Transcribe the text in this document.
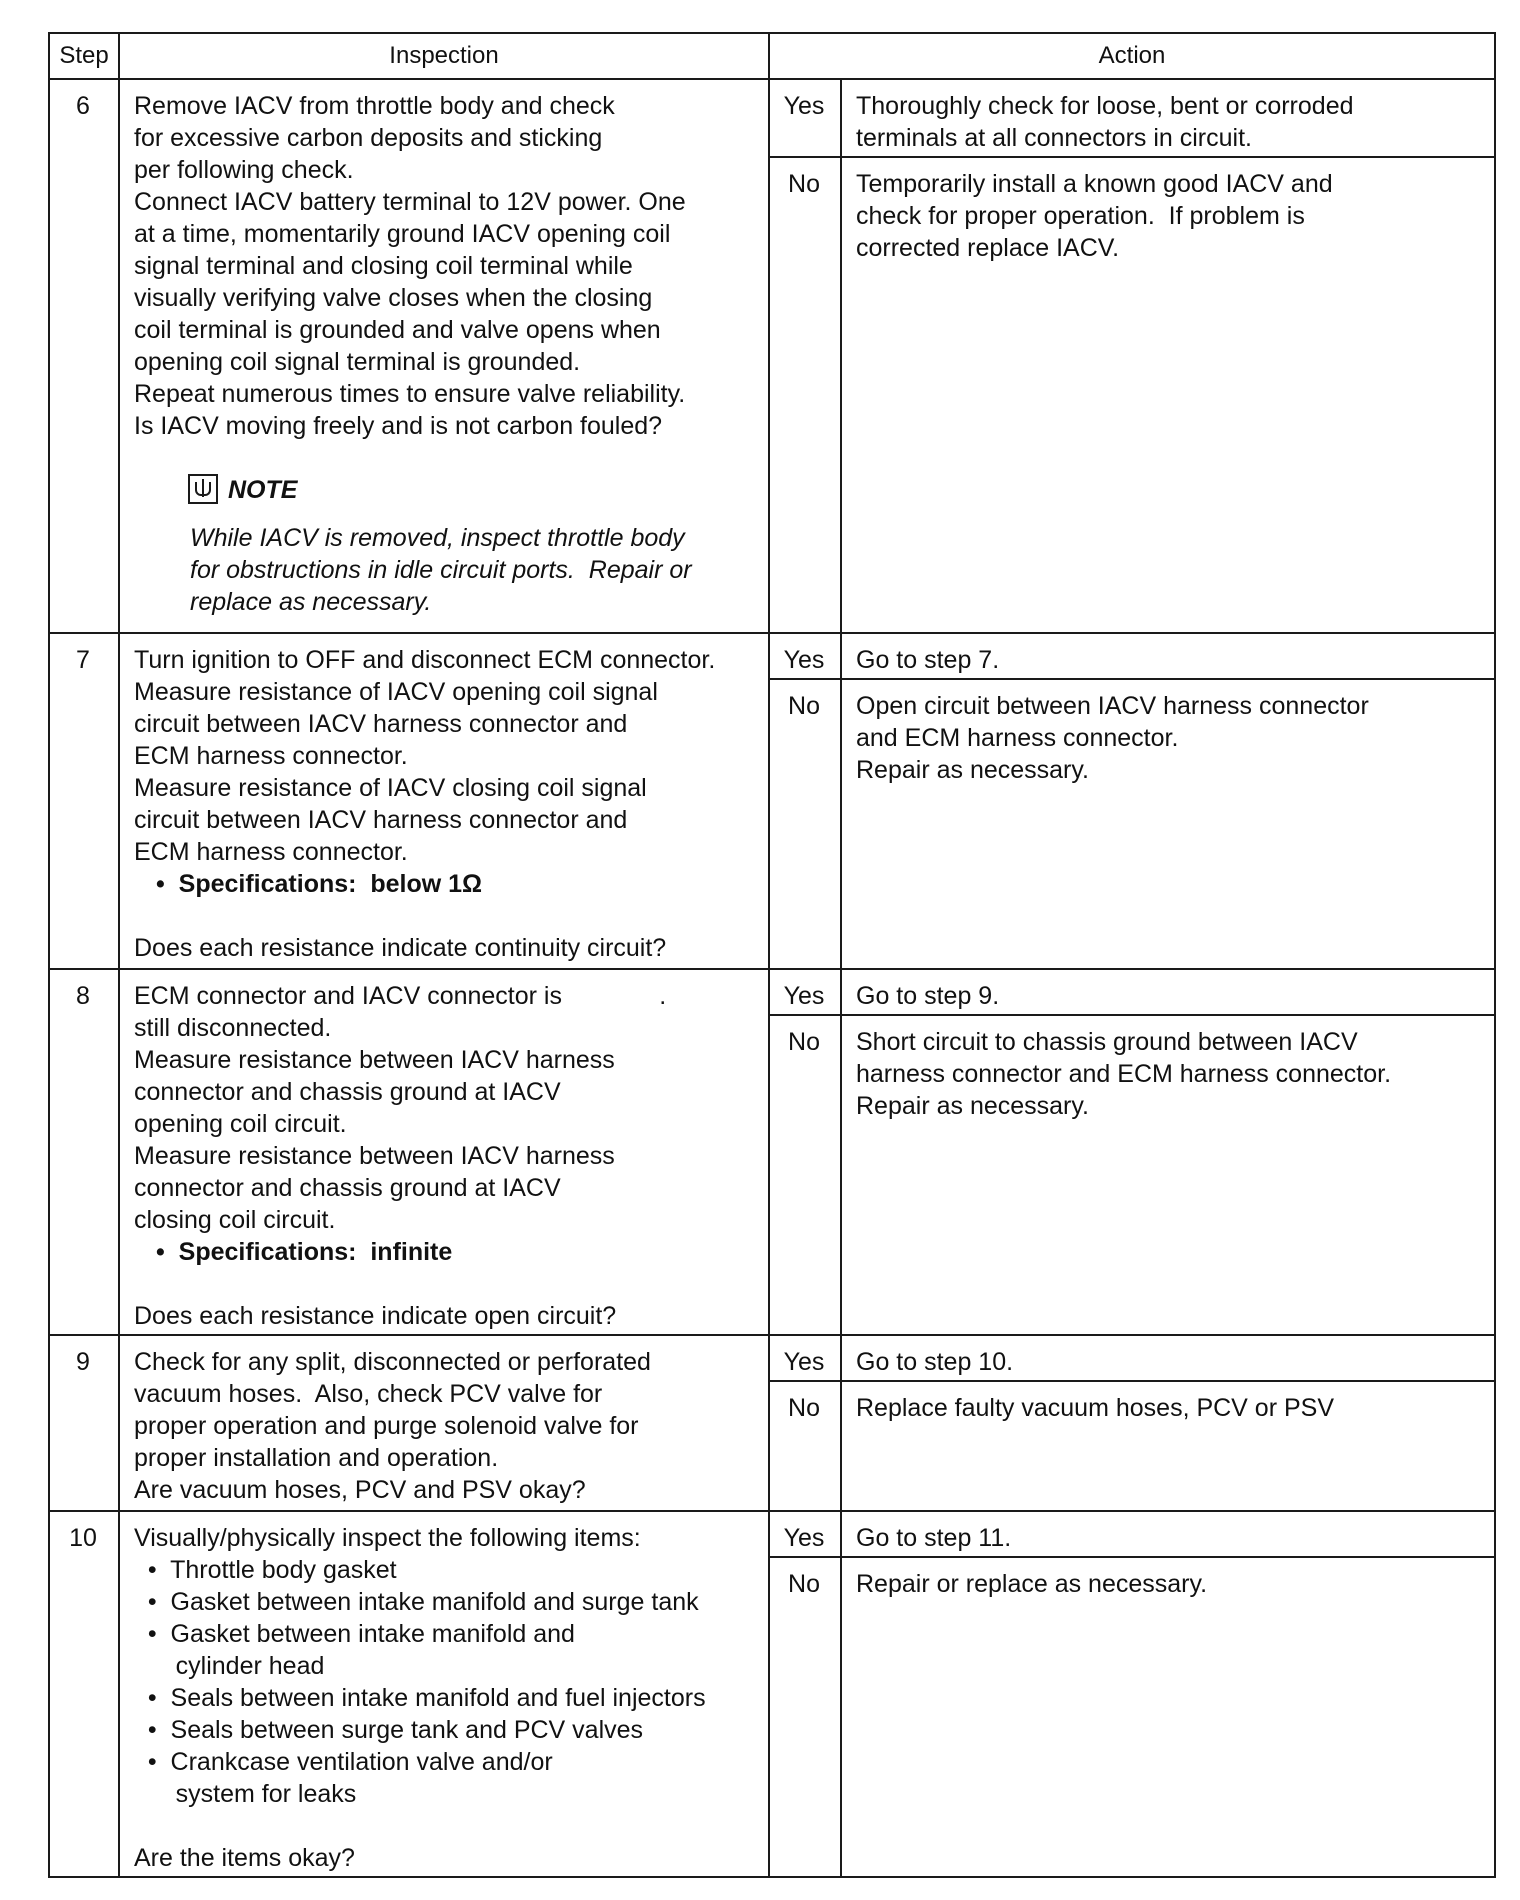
Step	Inspection	Action
6	Remove IACV from throttle body and check
for excessive carbon deposits and sticking
per following check.
Connect IACV battery terminal to 12V power. One
at a time, momentarily ground IACV opening coil
signal terminal and closing coil terminal while
visually verifying valve closes when the closing
coil terminal is grounded and valve opens when
opening coil signal terminal is grounded.
Repeat numerous times to ensure valve reliability.
Is IACV moving freely and is not carbon fouled?
NOTE
While IACV is removed, inspect throttle body
for obstructions in idle circuit ports.  Repair or
replace as necessary.
Yes	Thoroughly check for loose, bent or corroded
terminals at all connectors in circuit.
No	Temporarily install a known good IACV and
check for proper operation.  If problem is
corrected replace IACV.
7	Turn ignition to OFF and disconnect ECM connector.
Measure resistance of IACV opening coil signal
circuit between IACV harness connector and
ECM harness connector.
Measure resistance of IACV closing coil signal
circuit between IACV harness connector and
ECM harness connector.
•  Specifications:  below 1Ω
Does each resistance indicate continuity circuit?
Yes	Go to step 7.
No	Open circuit between IACV harness connector
and ECM harness connector.
Repair as necessary.
8	ECM connector and IACV connector is              .
still disconnected.
Measure resistance between IACV harness
connector and chassis ground at IACV
opening coil circuit.
Measure resistance between IACV harness
connector and chassis ground at IACV
closing coil circuit.
•  Specifications:  infinite
Does each resistance indicate open circuit?
Yes	Go to step 9.
No	Short circuit to chassis ground between IACV
harness connector and ECM harness connector.
Repair as necessary.
9	Check for any split, disconnected or perforated
vacuum hoses.  Also, check PCV valve for
proper operation and purge solenoid valve for
proper installation and operation.
Are vacuum hoses, PCV and PSV okay?
Yes	Go to step 10.
No	Replace faulty vacuum hoses, PCV or PSV
10	Visually/physically inspect the following items:
•  Throttle body gasket
•  Gasket between intake manifold and surge tank
•  Gasket between intake manifold and
cylinder head
•  Seals between intake manifold and fuel injectors
•  Seals between surge tank and PCV valves
•  Crankcase ventilation valve and/or
system for leaks
Are the items okay?
Yes	Go to step 11.
No	Repair or replace as necessary.
